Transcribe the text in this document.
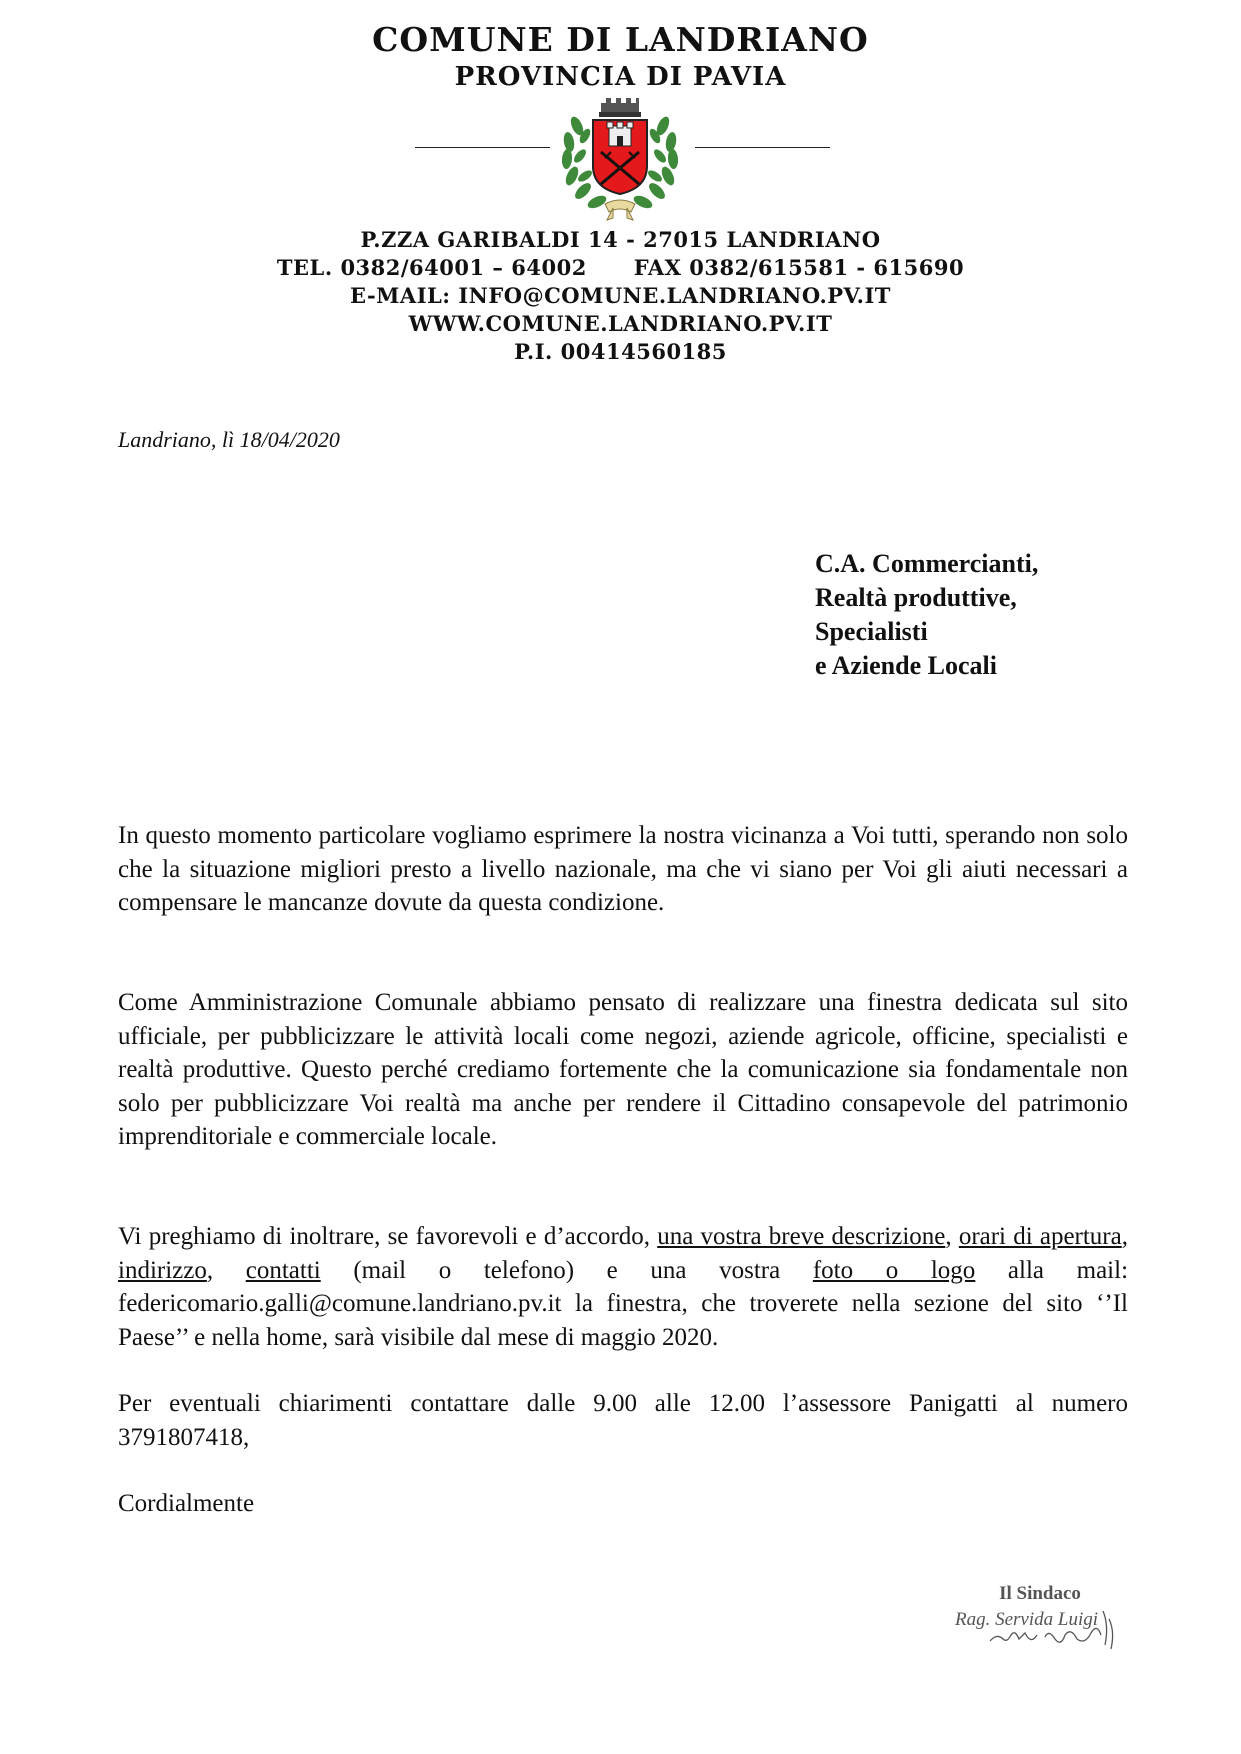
COMUNE DI LANDRIANO
PROVINCIA DI PAVIA
P.ZZA GARIBALDI 14 - 27015 LANDRIANO
TEL. 0382/64001 – 64002 FAX 0382/615581 - 615690
E-MAIL: INFO@COMUNE.LANDRIANO.PV.IT
WWW.COMUNE.LANDRIANO.PV.IT
P.I. 00414560185
Landriano, lì 18/04/2020
C.A. Commercianti,
Realtà produttive,
Specialisti
e Aziende Locali

In questo momento particolare vogliamo esprimere la nostra vicinanza a Voi tutti, sperando non solo che la situazione migliori presto a livello nazionale, ma che vi siano per Voi gli aiuti necessari a compensare le mancanze dovute da questa condizione.

Come Amministrazione Comunale abbiamo pensato di realizzare una finestra dedicata sul sito ufficiale, per pubblicizzare le attività locali come negozi, aziende agricole, officine, specialisti e realtà produttive. Questo perché crediamo fortemente che la comunicazione sia fondamentale non solo per pubblicizzare Voi realtà ma anche per rendere il Cittadino consapevole del patrimonio imprenditoriale e commerciale locale.

Vi preghiamo di inoltrare, se favorevoli e d’accordo, una vostra breve descrizione, orari di apertura, indirizzo, contatti (mail o telefono) e una vostra foto o logo alla mail: federicomario.galli@comune.landriano.pv.it la finestra, che troverete nella sezione del sito ‘’Il Paese’’ e nella home, sarà visibile dal mese di maggio 2020.

Per eventuali chiarimenti contattare dalle 9.00 alle 12.00 l’assessore Panigatti al numero 3791807418,

Cordialmente

Il Sindaco
Rag. Servida Luigi
